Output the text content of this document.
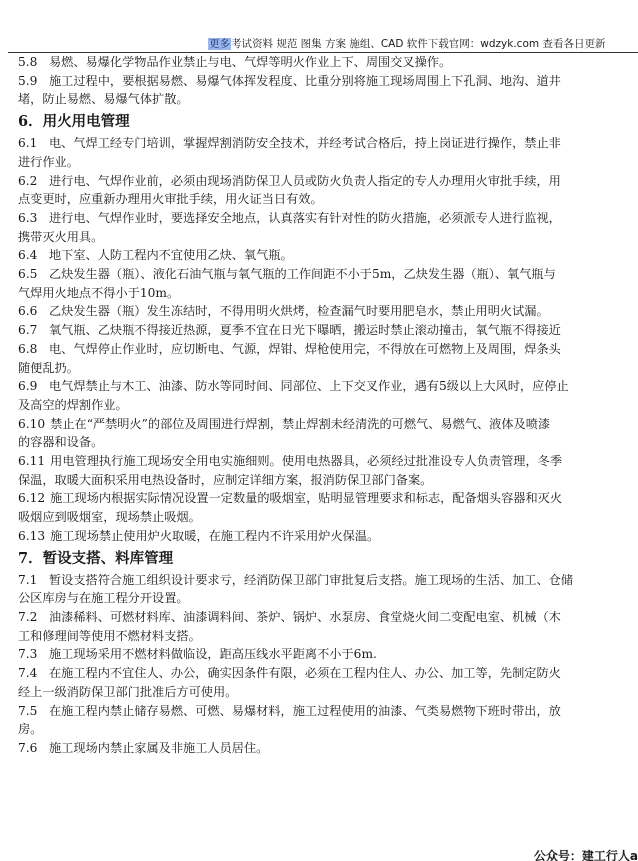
更多考试资料 规范 图集 方案 施组、CAD 软件下载官网：wdzyk.com 查看各日更新
5.8 易燃、易爆化学物品作业禁止与电、气焊等明火作业上下、周围交叉操作。
5.9 施工过程中，要根据易燃、易爆气体挥发程度、比重分别将施工现场周围上下孔洞、地沟、道井
堵，防止易燃、易爆气体扩散。
6．用火用电管理
6.1 电、气焊工经专门培训，掌握焊割消防安全技术，并经考试合格后，持上岗证进行操作，禁止非
进行作业。
6.2 进行电、气焊作业前，必须由现场消防保卫人员或防火负责人指定的专人办理用火审批手续，用
点变更时，应重新办理用火审批手续，用火证当日有效。
6.3 进行电、气焊作业时，要选择安全地点，认真落实有针对性的防火措施，必须派专人进行监视，
携带灭火用具。
6.4 地下室、人防工程内不宜使用乙炔、氧气瓶。
6.5 乙炔发生器（瓶）、液化石油气瓶与氧气瓶的工作间距不小于5m，乙炔发生器（瓶）、氧气瓶与
气焊用火地点不得小于10m。
6.6 乙炔发生器（瓶）发生冻结时，不得用明火烘烤，检查漏气时要用肥皂水，禁止用明火试漏。
6.7 氧气瓶、乙炔瓶不得接近热源，夏季不宜在日光下曝晒，搬运时禁止滚动撞击，氧气瓶不得接近
6.8 电、气焊停止作业时，应切断电、气源，焊钳、焊枪使用完，不得放在可燃物上及周围，焊条头
随便乱扔。
6.9 电气焊禁止与木工、油漆、防水等同时间、同部位、上下交叉作业，遇有5级以上大风时，应停止
及高空的焊割作业。
6.10 禁止在“严禁明火”的部位及周围进行焊割，禁止焊割未经清洗的可燃气、易燃气、液体及喷漆
的容器和设备。
6.11 用电管理执行施工现场安全用电实施细则。使用电热器具，必须经过批准设专人负责管理，冬季
保温，取暖大面积采用电热设备时，应制定详细方案，报消防保卫部门备案。
6.12 施工现场内根据实际情况设置一定数量的吸烟室，贴明显管理要求和标志，配备烟头容器和灭火
吸烟应到吸烟室，现场禁止吸烟。
6.13 施工现场禁止使用炉火取暖，在施工程内不许采用炉火保温。
7．暂设支搭、料库管理
7.1 暂设支搭符合施工组织设计要求亏，经消防保卫部门审批复后支搭。施工现场的生活、加工、仓储
公区库房与在施工程分开设置。
7.2 油漆稀料、可燃材料库、油漆调料间、茶炉、锅炉、水泵房、食堂烧火间二变配电室、机械（木
工和修理间等使用不燃材料支搭。
7.3 施工现场采用不燃材料做临设，距高压线水平距离不小于6m.
7.4 在施工程内不宜住人、办公，确实因条件有限，必须在工程内住人、办公、加工等，先制定防火
经上一级消防保卫部门批准后方可使用。
7.5 在施工程内禁止储存易燃、可燃、易爆材料，施工过程使用的油漆、气类易燃物下班时带出，放
房。
7.6 施工现场内禁止家属及非施工人员居住。
公众号：建工行人a
